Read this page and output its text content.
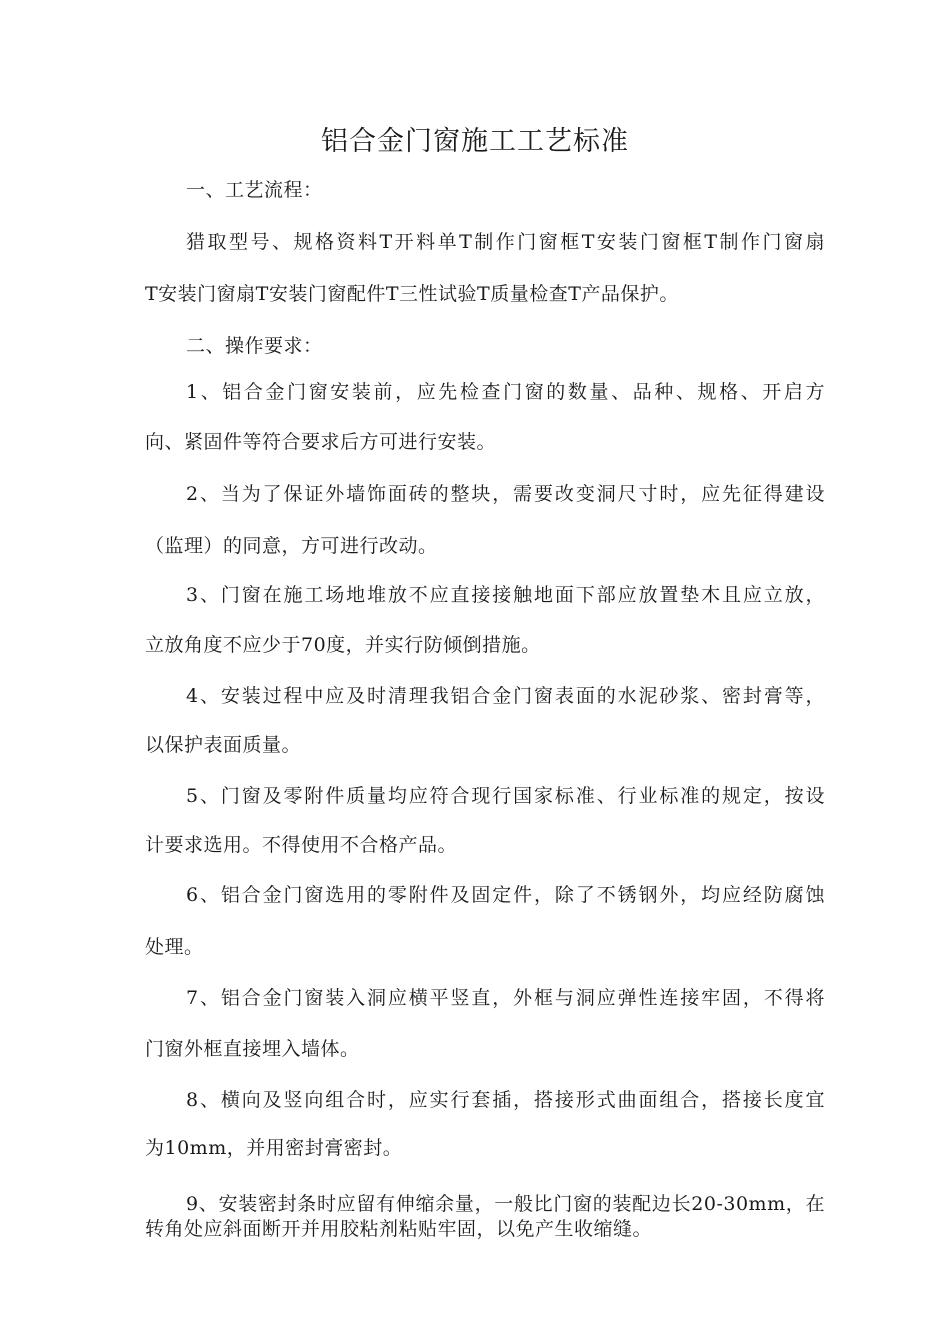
铝合金门窗施工工艺标准
一、工艺流程：
猎取型号、规格资料T开料单T制作门窗框T安装门窗框T制作门窗扇
T安装门窗扇T安装门窗配件T三性试验T质量检查T产品保护。
二、操作要求：
1、铝合金门窗安装前，应先检查门窗的数量、品种、规格、开启方
向、紧固件等符合要求后方可进行安装。
2、当为了保证外墙饰面砖的整块，需要改变洞尺寸时，应先征得建设
（监理）的同意，方可进行改动。
3、门窗在施工场地堆放不应直接接触地面下部应放置垫木且应立放，
立放角度不应少于70度，并实行防倾倒措施。
4、安装过程中应及时清理我铝合金门窗表面的水泥砂浆、密封膏等，
以保护表面质量。
5、门窗及零附件质量均应符合现行国家标准、行业标准的规定，按设
计要求选用。不得使用不合格产品。
6、铝合金门窗选用的零附件及固定件，除了不锈钢外，均应经防腐蚀
处理。
7、铝合金门窗装入洞应横平竖直，外框与洞应弹性连接牢固，不得将
门窗外框直接埋入墙体。
8、横向及竖向组合时，应实行套插，搭接形式曲面组合，搭接长度宜
为10mm，并用密封膏密封。
9、安装密封条时应留有伸缩余量，一般比门窗的装配边长20-30mm，在
转角处应斜面断开并用胶粘剂粘贴牢固，以免产生收缩缝。
